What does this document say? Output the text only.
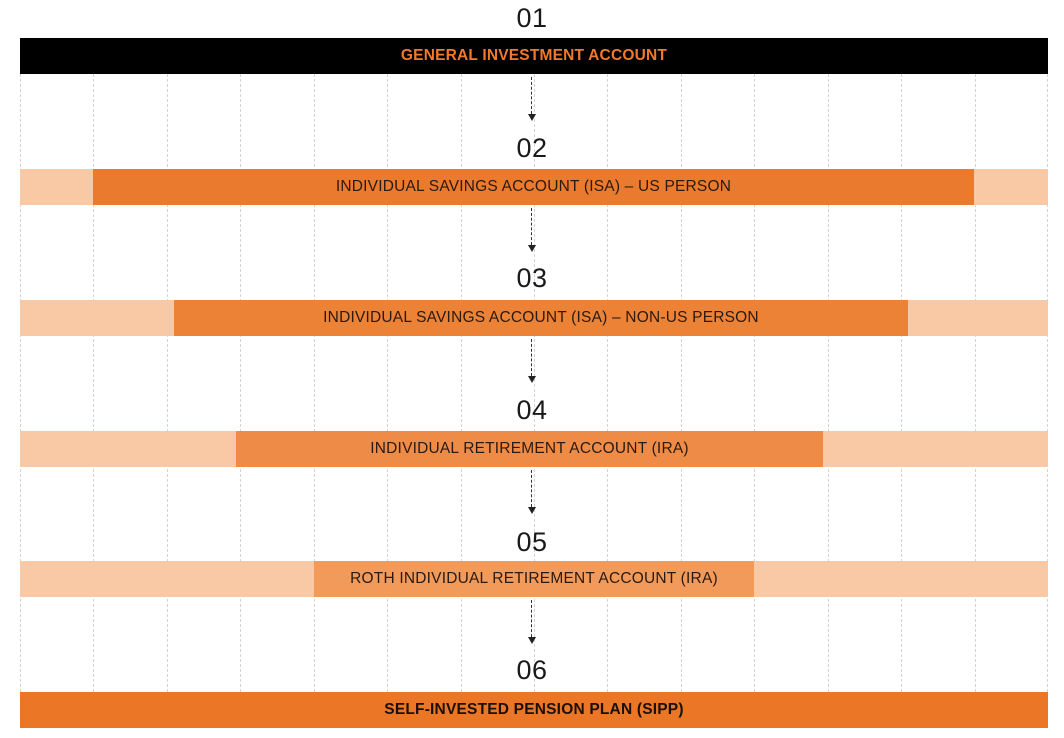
01
GENERAL INVESTMENT ACCOUNT
02
INDIVIDUAL SAVINGS ACCOUNT (ISA) – US PERSON
03
INDIVIDUAL SAVINGS ACCOUNT (ISA) – NON-US PERSON
04
INDIVIDUAL RETIREMENT ACCOUNT (IRA)
05
ROTH INDIVIDUAL RETIREMENT ACCOUNT (IRA)
06
SELF-INVESTED PENSION PLAN (SIPP)
